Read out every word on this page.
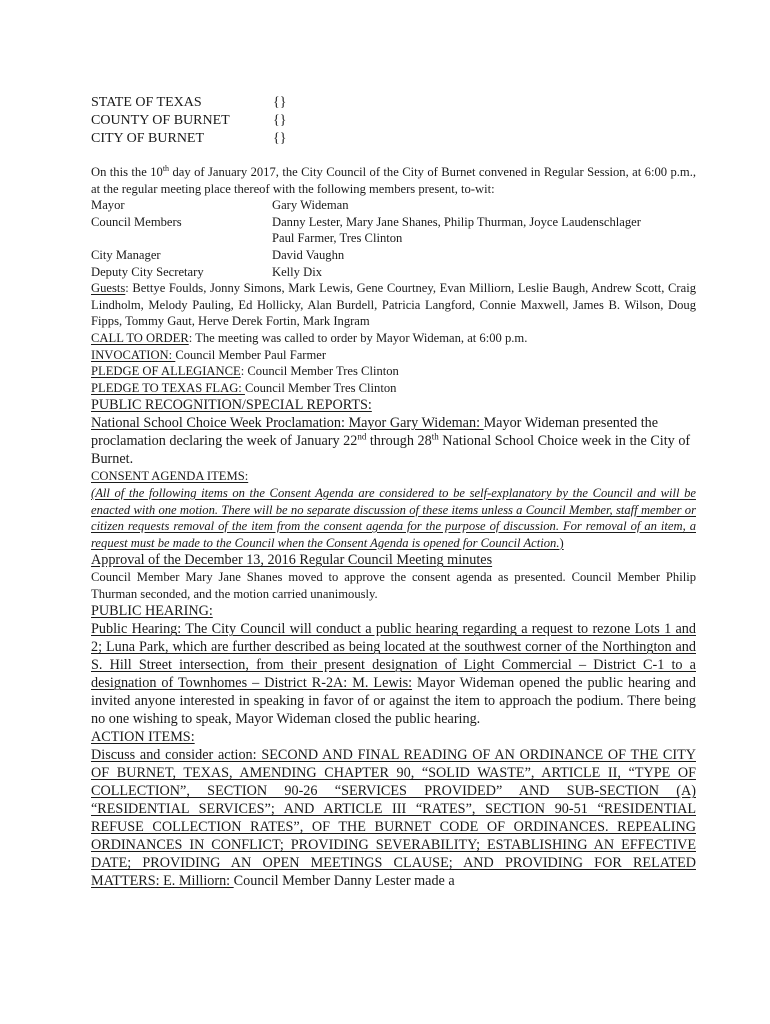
STATE OF TEXAS	{}
COUNTY OF BURNET	{}
CITY OF BURNET	{}

On this the 10th day of January 2017, the City Council of the City of Burnet convened in Regular Session, at 6:00 p.m., at the regular meeting place thereof with the following members present, to-wit:

Mayor	Gary Wideman
Council Members	Danny Lester, Mary Jane Shanes, Philip Thurman, Joyce Laudenschlager
Paul Farmer, Tres Clinton
City Manager	David Vaughn
Deputy City Secretary	Kelly Dix

Guests: Bettye Foulds, Jonny Simons, Mark Lewis, Gene Courtney, Evan Milliorn, Leslie Baugh, Andrew Scott, Craig Lindholm, Melody Pauling, Ed Hollicky, Alan Burdell, Patricia Langford, Connie Maxwell, James B. Wilson, Doug Fipps, Tommy Gaut, Herve Derek Fortin, Mark Ingram

CALL TO ORDER: The meeting was called to order by Mayor Wideman, at 6:00 p.m.

INVOCATION: Council Member Paul Farmer

PLEDGE OF ALLEGIANCE: Council Member Tres Clinton

PLEDGE TO TEXAS FLAG: Council Member Tres Clinton

PUBLIC RECOGNITION/SPECIAL REPORTS:

National School Choice Week Proclamation: Mayor Gary Wideman: Mayor Wideman presented the proclamation declaring the week of January 22nd through 28th National School Choice week in the City of Burnet.

CONSENT AGENDA ITEMS:

(All of the following items on the Consent Agenda are considered to be self-explanatory by the Council and will be enacted with one motion. There will be no separate discussion of these items unless a Council Member, staff member or citizen requests removal of the item from the consent agenda for the purpose of discussion. For removal of an item, a request must be made to the Council when the Consent Agenda is opened for Council Action.)

Approval of the December 13, 2016 Regular Council Meeting minutes

Council Member Mary Jane Shanes moved to approve the consent agenda as presented. Council Member Philip Thurman seconded, and the motion carried unanimously.

PUBLIC HEARING:

Public Hearing: The City Council will conduct a public hearing regarding a request to rezone Lots 1 and 2; Luna Park, which are further described as being located at the southwest corner of the Northington and S. Hill Street intersection, from their present designation of Light Commercial – District C-1 to a designation of Townhomes – District R-2A: M. Lewis: Mayor Wideman opened the public hearing and invited anyone interested in speaking in favor of or against the item to approach the podium. There being no one wishing to speak, Mayor Wideman closed the public hearing.

ACTION ITEMS:

Discuss and consider action: SECOND AND FINAL READING OF AN ORDINANCE OF THE CITY OF BURNET, TEXAS, AMENDING CHAPTER 90, “SOLID WASTE”, ARTICLE II, “TYPE OF COLLECTION”, SECTION 90-26 “SERVICES PROVIDED” AND SUB-SECTION (A) “RESIDENTIAL SERVICES”; AND ARTICLE III “RATES”, SECTION 90-51 “RESIDENTIAL REFUSE COLLECTION RATES”, OF THE BURNET CODE OF ORDINANCES. REPEALING ORDINANCES IN CONFLICT; PROVIDING SEVERABILITY; ESTABLISHING AN EFFECTIVE DATE; PROVIDING AN OPEN MEETINGS CLAUSE; AND PROVIDING FOR RELATED MATTERS: E. Milliorn: Council Member Danny Lester made a
